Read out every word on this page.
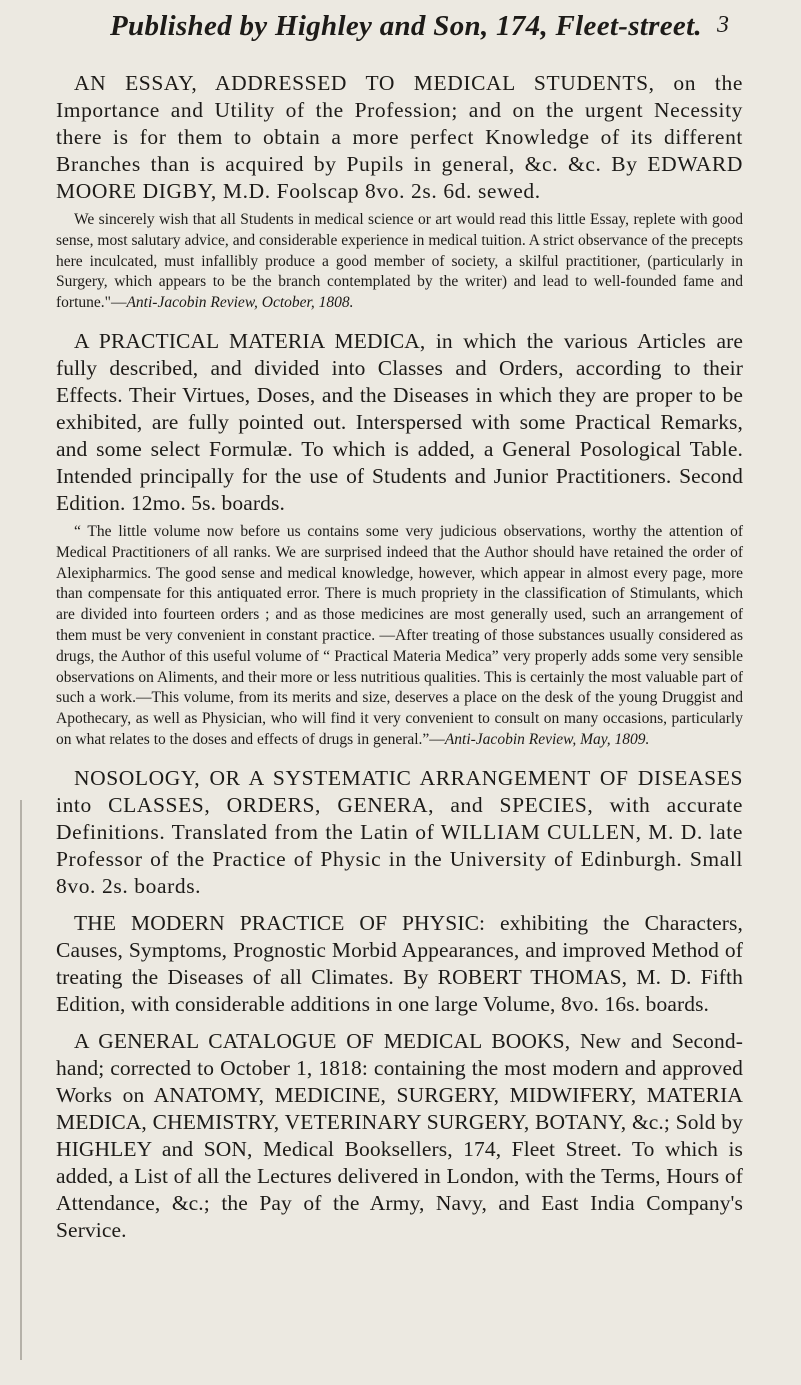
Published by Highley and Son, 174, Fleet-street. 3

AN ESSAY, ADDRESSED TO MEDICAL STUDENTS, on the Importance and Utility of the Profession; and on the urgent Necessity there is for them to obtain a more perfect Knowledge of its different Branches than is acquired by Pupils in general, &c. &c. By EDWARD MOORE DIGBY, M.D. Foolscap 8vo. 2s. 6d. sewed.

We sincerely wish that all Students in medical science or art would read this little Essay, replete with good sense, most salutary advice, and considerable experience in medical tuition. A strict observance of the precepts here inculcated, must infallibly produce a good member of society, a skilful practitioner, (particularly in Surgery, which appears to be the branch contemplated by the writer) and lead to well-founded fame and fortune."—Anti-Jacobin Review, October, 1808.

A PRACTICAL MATERIA MEDICA, in which the various Articles are fully described, and divided into Classes and Orders, according to their Effects. Their Virtues, Doses, and the Diseases in which they are proper to be exhibited, are fully pointed out. Interspersed with some Practical Remarks, and some select Formulæ. To which is added, a General Posological Table. Intended principally for the use of Students and Junior Practitioners. Second Edition. 12mo. 5s. boards.

“ The little volume now before us contains some very judicious observations, worthy the attention of Medical Practitioners of all ranks. We are surprised indeed that the Author should have retained the order of Alexipharmics. The good sense and medical knowledge, however, which appear in almost every page, more than compensate for this antiquated error. There is much propriety in the classification of Stimulants, which are divided into fourteen orders ; and as those medicines are most generally used, such an arrangement of them must be very convenient in constant practice. —After treating of those substances usually considered as drugs, the Author of this useful volume of “ Practical Materia Medica” very properly adds some very sensible observations on Aliments, and their more or less nutritious qualities. This is certainly the most valuable part of such a work.—This volume, from its merits and size, deserves a place on the desk of the young Druggist and Apothecary, as well as Physician, who will find it very convenient to consult on many occasions, particularly on what relates to the doses and effects of drugs in general.”—Anti-Jacobin Review, May, 1809.

NOSOLOGY, OR A SYSTEMATIC ARRANGEMENT OF DISEASES into CLASSES, ORDERS, GENERA, and SPECIES, with accurate Definitions. Translated from the Latin of WILLIAM CULLEN, M. D. late Professor of the Practice of Physic in the University of Edinburgh. Small 8vo. 2s. boards.

THE MODERN PRACTICE OF PHYSIC: exhibiting the Characters, Causes, Symptoms, Prognostic Morbid Appearances, and improved Method of treating the Diseases of all Climates. By ROBERT THOMAS, M. D. Fifth Edition, with considerable additions in one large Volume, 8vo. 16s. boards.

A GENERAL CATALOGUE OF MEDICAL BOOKS, New and Second-hand; corrected to October 1, 1818: containing the most modern and approved Works on ANATOMY, MEDICINE, SURGERY, MIDWIFERY, MATERIA MEDICA, CHEMISTRY, VETERINARY SURGERY, BOTANY, &c.; Sold by HIGHLEY and SON, Medical Booksellers, 174, Fleet Street. To which is added, a List of all the Lectures delivered in London, with the Terms, Hours of Attendance, &c.; the Pay of the Army, Navy, and East India Company's Service.
